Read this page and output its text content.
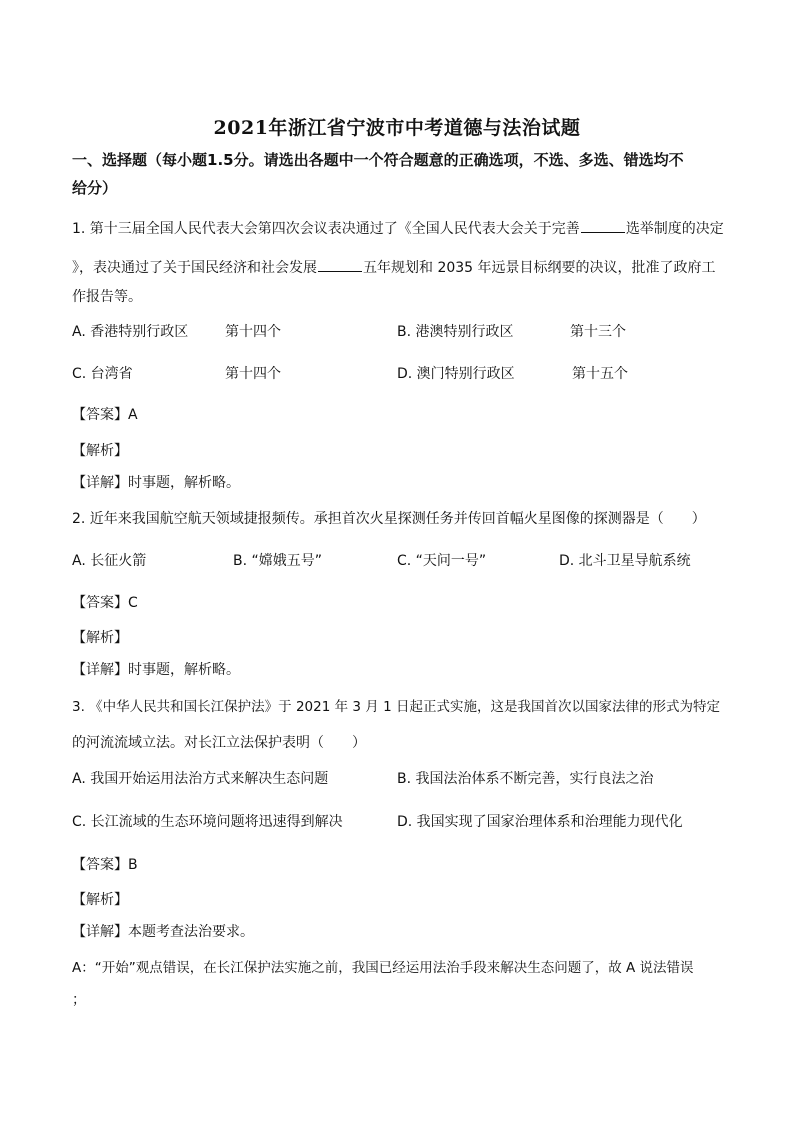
2021年浙江省宁波市中考道德与法治试题
一、选择题（每小题1.5分。请选出各题中一个符合题意的正确选项，不选、多选、错选均不
给分）
1. 第十三届全国人民代表大会第四次会议表决通过了《全国人民代表大会关于完善	选举制度的决定
》，表决通过了关于国民经济和社会发展	五年规划和 2035 年远景目标纲要的决议，批准了政府工
作报告等。
A. 香港特别行政区	第十四个	B. 港澳特别行政区	第十三个
C. 台湾省	第十四个	D. 澳门特别行政区	第十五个
【答案】A
【解析】
【详解】时事题，解析略。
2. 近年来我国航空航天领域捷报频传。承担首次火星探测任务并传回首幅火星图像的探测器是（　　）
A. 长征火箭	B. “嫦娥五号”	C. “天问一号”	D. 北斗卫星导航系统
【答案】C
【解析】
【详解】时事题，解析略。
3. 《中华人民共和国长江保护法》于 2021 年 3 月 1 日起正式实施，这是我国首次以国家法律的形式为特定
的河流流域立法。对长江立法保护表明（　　）
A. 我国开始运用法治方式来解决生态问题	B. 我国法治体系不断完善，实行良法之治
C. 长江流域的生态环境问题将迅速得到解决	D. 我国实现了国家治理体系和治理能力现代化
【答案】B
【解析】
【详解】本题考查法治要求。
A：“开始”观点错误，在长江保护法实施之前，我国已经运用法治手段来解决生态问题了，故 A 说法错误
；
